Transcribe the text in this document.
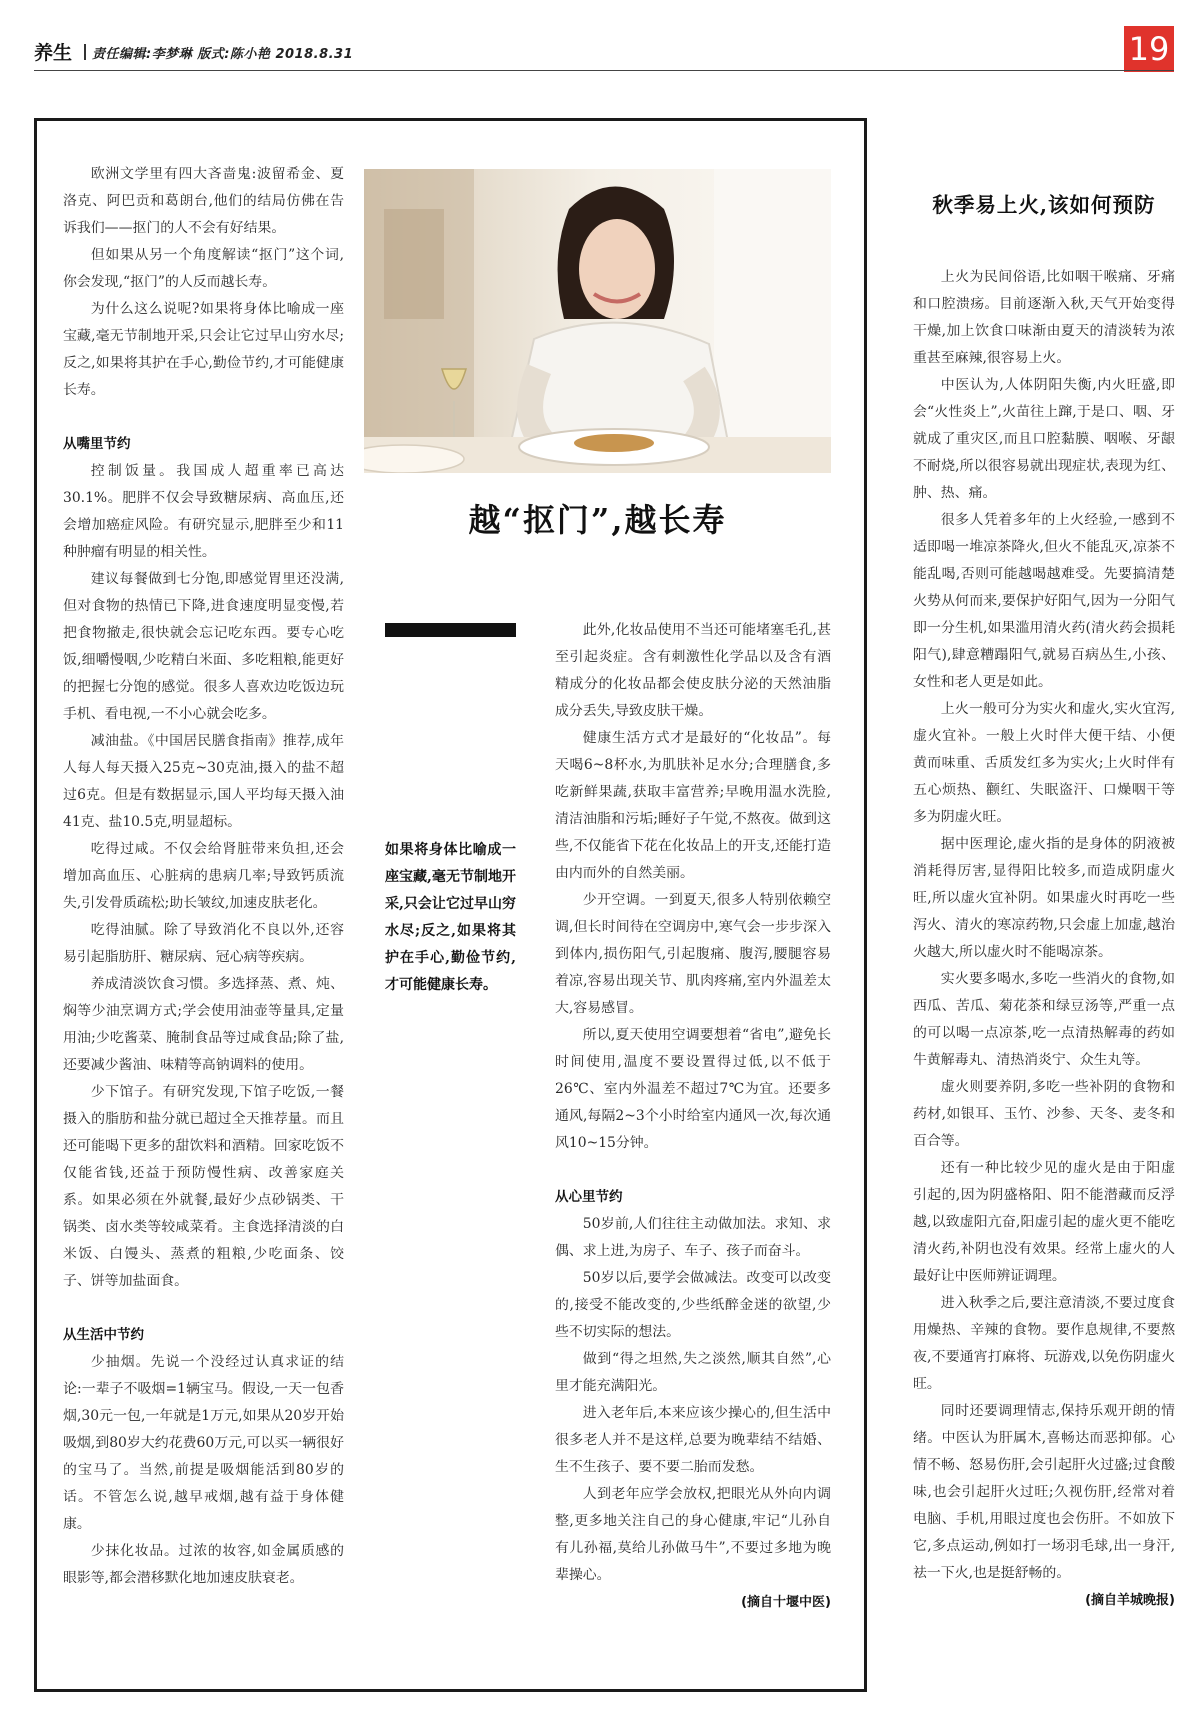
养生 责任编辑:李梦琳 版式:陈小艳 2018.8.31	19

欧洲文学里有四大吝啬鬼:波留希金、夏洛克、阿巴贡和葛朗台,他们的结局仿佛在告诉我们——抠门的人不会有好结果。

但如果从另一个角度解读“抠门”这个词,你会发现,“抠门”的人反而越长寿。

为什么这么说呢?如果将身体比喻成一座宝藏,毫无节制地开采,只会让它过早山穷水尽;反之,如果将其护在手心,勤俭节约,才可能健康长寿。

从嘴里节约

控制饭量。我国成人超重率已高达30.1%。肥胖不仅会导致糖尿病、高血压,还会增加癌症风险。有研究显示,肥胖至少和11种肿瘤有明显的相关性。

建议每餐做到七分饱,即感觉胃里还没满,但对食物的热情已下降,进食速度明显变慢,若把食物撤走,很快就会忘记吃东西。要专心吃饭,细嚼慢咽,少吃精白米面、多吃粗粮,能更好的把握七分饱的感觉。很多人喜欢边吃饭边玩手机、看电视,一不小心就会吃多。

减油盐。《中国居民膳食指南》推荐,成年人每人每天摄入25克~30克油,摄入的盐不超过6克。但是有数据显示,国人平均每天摄入油41克、盐10.5克,明显超标。

吃得过咸。不仅会给肾脏带来负担,还会增加高血压、心脏病的患病几率;导致钙质流失,引发骨质疏松;助长皱纹,加速皮肤老化。

吃得油腻。除了导致消化不良以外,还容易引起脂肪肝、糖尿病、冠心病等疾病。

养成清淡饮食习惯。多选择蒸、煮、炖、焖等少油烹调方式;学会使用油壶等量具,定量用油;少吃酱菜、腌制食品等过咸食品;除了盐,还要减少酱油、味精等高钠调料的使用。

少下馆子。有研究发现,下馆子吃饭,一餐摄入的脂肪和盐分就已超过全天推荐量。而且还可能喝下更多的甜饮料和酒精。回家吃饭不仅能省钱,还益于预防慢性病、改善家庭关系。如果必须在外就餐,最好少点砂锅类、干锅类、卤水类等较咸菜肴。主食选择清淡的白米饭、白馒头、蒸煮的粗粮,少吃面条、饺子、饼等加盐面食。

从生活中节约

少抽烟。先说一个没经过认真求证的结论:一辈子不吸烟=1辆宝马。假设,一天一包香烟,30元一包,一年就是1万元,如果从20岁开始吸烟,到80岁大约花费60万元,可以买一辆很好的宝马了。当然,前提是吸烟能活到80岁的话。不管怎么说,越早戒烟,越有益于身体健康。

少抹化妆品。过浓的妆容,如金属质感的眼影等,都会潜移默化地加速皮肤衰老。

越“抠门”,越长寿
如果将身体比喻成一座宝藏,毫无节制地开采,只会让它过早山穷水尽;反之,如果将其护在手心,勤俭节约,才可能健康长寿。

此外,化妆品使用不当还可能堵塞毛孔,甚至引起炎症。含有刺激性化学品以及含有酒精成分的化妆品都会使皮肤分泌的天然油脂成分丢失,导致皮肤干燥。

健康生活方式才是最好的“化妆品”。每天喝6~8杯水,为肌肤补足水分;合理膳食,多吃新鲜果蔬,获取丰富营养;早晚用温水洗脸,清洁油脂和污垢;睡好子午觉,不熬夜。做到这些,不仅能省下花在化妆品上的开支,还能打造由内而外的自然美丽。

少开空调。一到夏天,很多人特别依赖空调,但长时间待在空调房中,寒气会一步步深入到体内,损伤阳气,引起腹痛、腹泻,腰腿容易着凉,容易出现关节、肌肉疼痛,室内外温差太大,容易感冒。

所以,夏天使用空调要想着“省电”,避免长时间使用,温度不要设置得过低,以不低于26℃、室内外温差不超过7℃为宜。还要多通风,每隔2~3个小时给室内通风一次,每次通风10~15分钟。

从心里节约

50岁前,人们往往主动做加法。求知、求偶、求上进,为房子、车子、孩子而奋斗。

50岁以后,要学会做减法。改变可以改变的,接受不能改变的,少些纸醉金迷的欲望,少些不切实际的想法。

做到“得之坦然,失之淡然,顺其自然”,心里才能充满阳光。

进入老年后,本来应该少操心的,但生活中很多老人并不是这样,总要为晚辈结不结婚、生不生孩子、要不要二胎而发愁。

人到老年应学会放权,把眼光从外向内调整,更多地关注自己的身心健康,牢记“儿孙自有儿孙福,莫给儿孙做马牛”,不要过多地为晚辈操心。

(摘自十堰中医)
秋季易上火,该如何预防

上火为民间俗语,比如咽干喉痛、牙痛和口腔溃疡。目前逐渐入秋,天气开始变得干燥,加上饮食口味渐由夏天的清淡转为浓重甚至麻辣,很容易上火。

中医认为,人体阴阳失衡,内火旺盛,即会“火性炎上”,火苗往上蹿,于是口、咽、牙就成了重灾区,而且口腔黏膜、咽喉、牙龈不耐烧,所以很容易就出现症状,表现为红、肿、热、痛。

很多人凭着多年的上火经验,一感到不适即喝一堆凉茶降火,但火不能乱灭,凉茶不能乱喝,否则可能越喝越难受。先要搞清楚火势从何而来,要保护好阳气,因为一分阳气即一分生机,如果滥用清火药(清火药会损耗阳气),肆意糟蹋阳气,就易百病丛生,小孩、女性和老人更是如此。

上火一般可分为实火和虚火,实火宜泻,虚火宜补。一般上火时伴大便干结、小便黄而味重、舌质发红多为实火;上火时伴有五心烦热、颧红、失眠盗汗、口燥咽干等多为阴虚火旺。

据中医理论,虚火指的是身体的阴液被消耗得厉害,显得阳比较多,而造成阴虚火旺,所以虚火宜补阴。如果虚火时再吃一些泻火、清火的寒凉药物,只会虚上加虚,越治火越大,所以虚火时不能喝凉茶。

实火要多喝水,多吃一些消火的食物,如西瓜、苦瓜、菊花茶和绿豆汤等,严重一点的可以喝一点凉茶,吃一点清热解毒的药如牛黄解毒丸、清热消炎宁、众生丸等。

虚火则要养阴,多吃一些补阴的食物和药材,如银耳、玉竹、沙参、天冬、麦冬和百合等。

还有一种比较少见的虚火是由于阳虚引起的,因为阴盛格阳、阳不能潜藏而反浮越,以致虚阳亢奋,阳虚引起的虚火更不能吃清火药,补阴也没有效果。经常上虚火的人最好让中医师辨证调理。

进入秋季之后,要注意清淡,不要过度食用燥热、辛辣的食物。要作息规律,不要熬夜,不要通宵打麻将、玩游戏,以免伤阴虚火旺。

同时还要调理情志,保持乐观开朗的情绪。中医认为肝属木,喜畅达而恶抑郁。心情不畅、怒易伤肝,会引起肝火过盛;过食酸味,也会引起肝火过旺;久视伤肝,经常对着电脑、手机,用眼过度也会伤肝。不如放下它,多点运动,例如打一场羽毛球,出一身汗,祛一下火,也是挺舒畅的。

(摘自羊城晚报)
